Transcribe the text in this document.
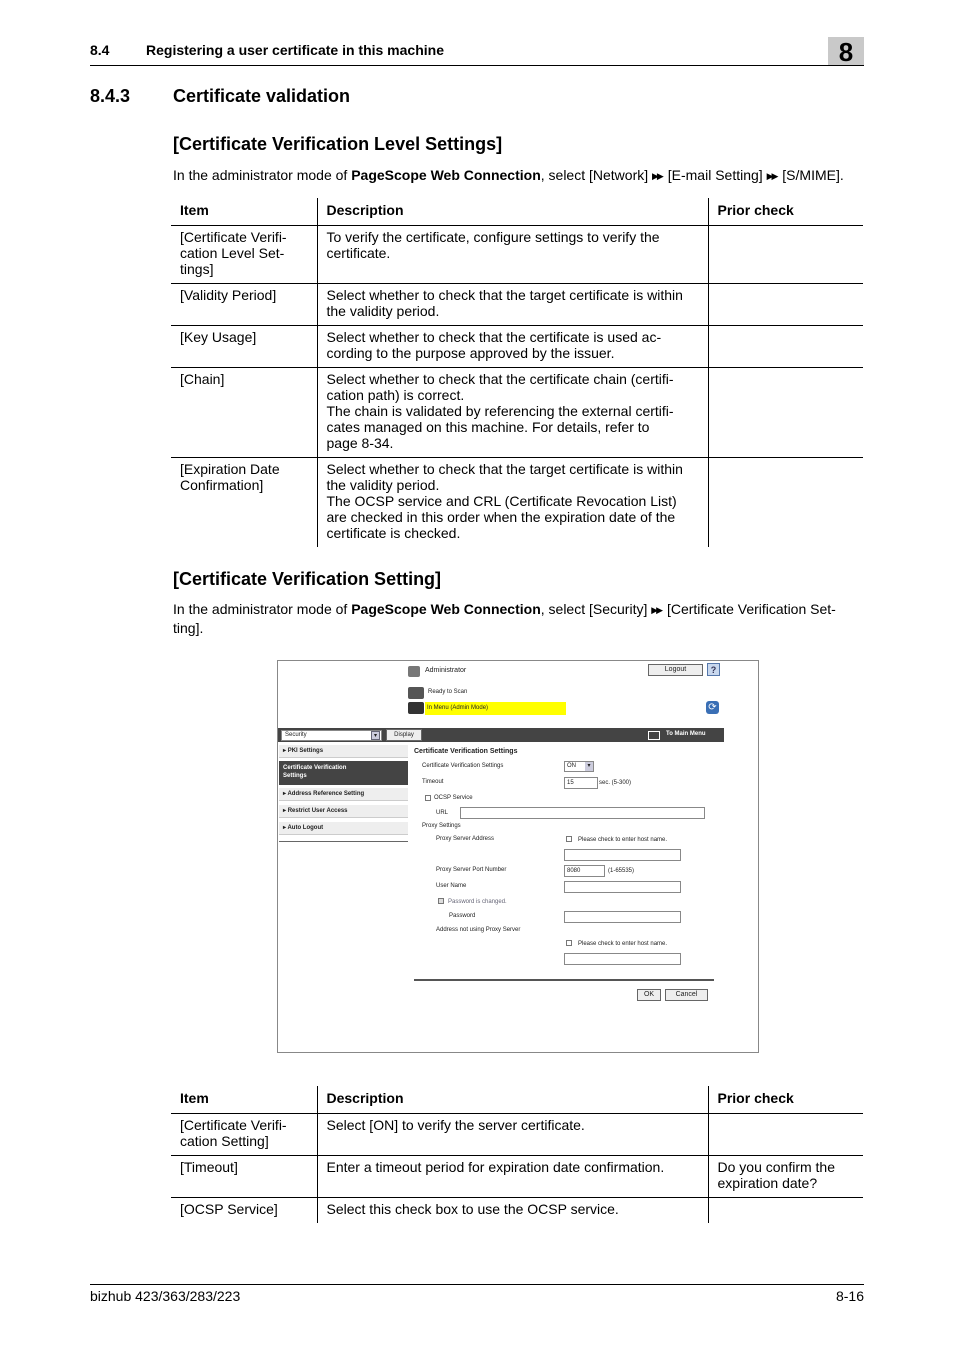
8.4	Registering a user certificate in this machine	8
8.4.3 Certificate validation
[Certificate Verification Level Settings]
In the administrator mode of PageScope Web Connection, select [Network] ▶▶ [E-mail Setting] ▶▶ [S/MIME].
Item	Description	Prior check
[Certificate Verifi-
cation Level Set-
tings]	To verify the certificate, configure settings to verify the
certificate.	
[Validity Period]	Select whether to check that the target certificate is within
the validity period.	
[Key Usage]	Select whether to check that the certificate is used ac-
cording to the purpose approved by the issuer.	
[Chain]	Select whether to check that the certificate chain (certifi-
cation path) is correct.
The chain is validated by referencing the external certifi-
cates managed on this machine. For details, refer to
page 8-34.	
[Expiration Date
Confirmation]	Select whether to check that the target certificate is within
the validity period.
The OCSP service and CRL (Certificate Revocation List)
are checked in this order when the expiration date of the
certificate is checked.	
[Certificate Verification Setting]
In the administrator mode of PageScope Web Connection, select [Security] ▶▶ [Certificate Verification Set-
ting].
Administrator	Logout	?
Ready to Scan
In Menu (Admin Mode)	⟳
Security	▾	Display	To Main Menu
▸ PKI Settings
Certificate Verification
Settings
▸ Address Reference Setting
▸ Restrict User Access
▸ Auto Logout
Certificate Verification Settings
Certificate Verification Settings	ON	▾
Timeout	15	sec. (5-300)
OCSP Service
URL
Proxy Settings
Proxy Server Address	Please check to enter host name.
Proxy Server Port Number	8080	(1-65535)
User Name
Password is changed.
Password
Address not using Proxy Server
Please check to enter host name.
OK	Cancel
Item	Description	Prior check
[Certificate Verifi-
cation Setting]	Select [ON] to verify the server certificate.	
[Timeout]	Enter a timeout period for expiration date confirmation.	Do you confirm the
expiration date?
[OCSP Service]	Select this check box to use the OCSP service.	
bizhub 423/363/283/223	8-16
